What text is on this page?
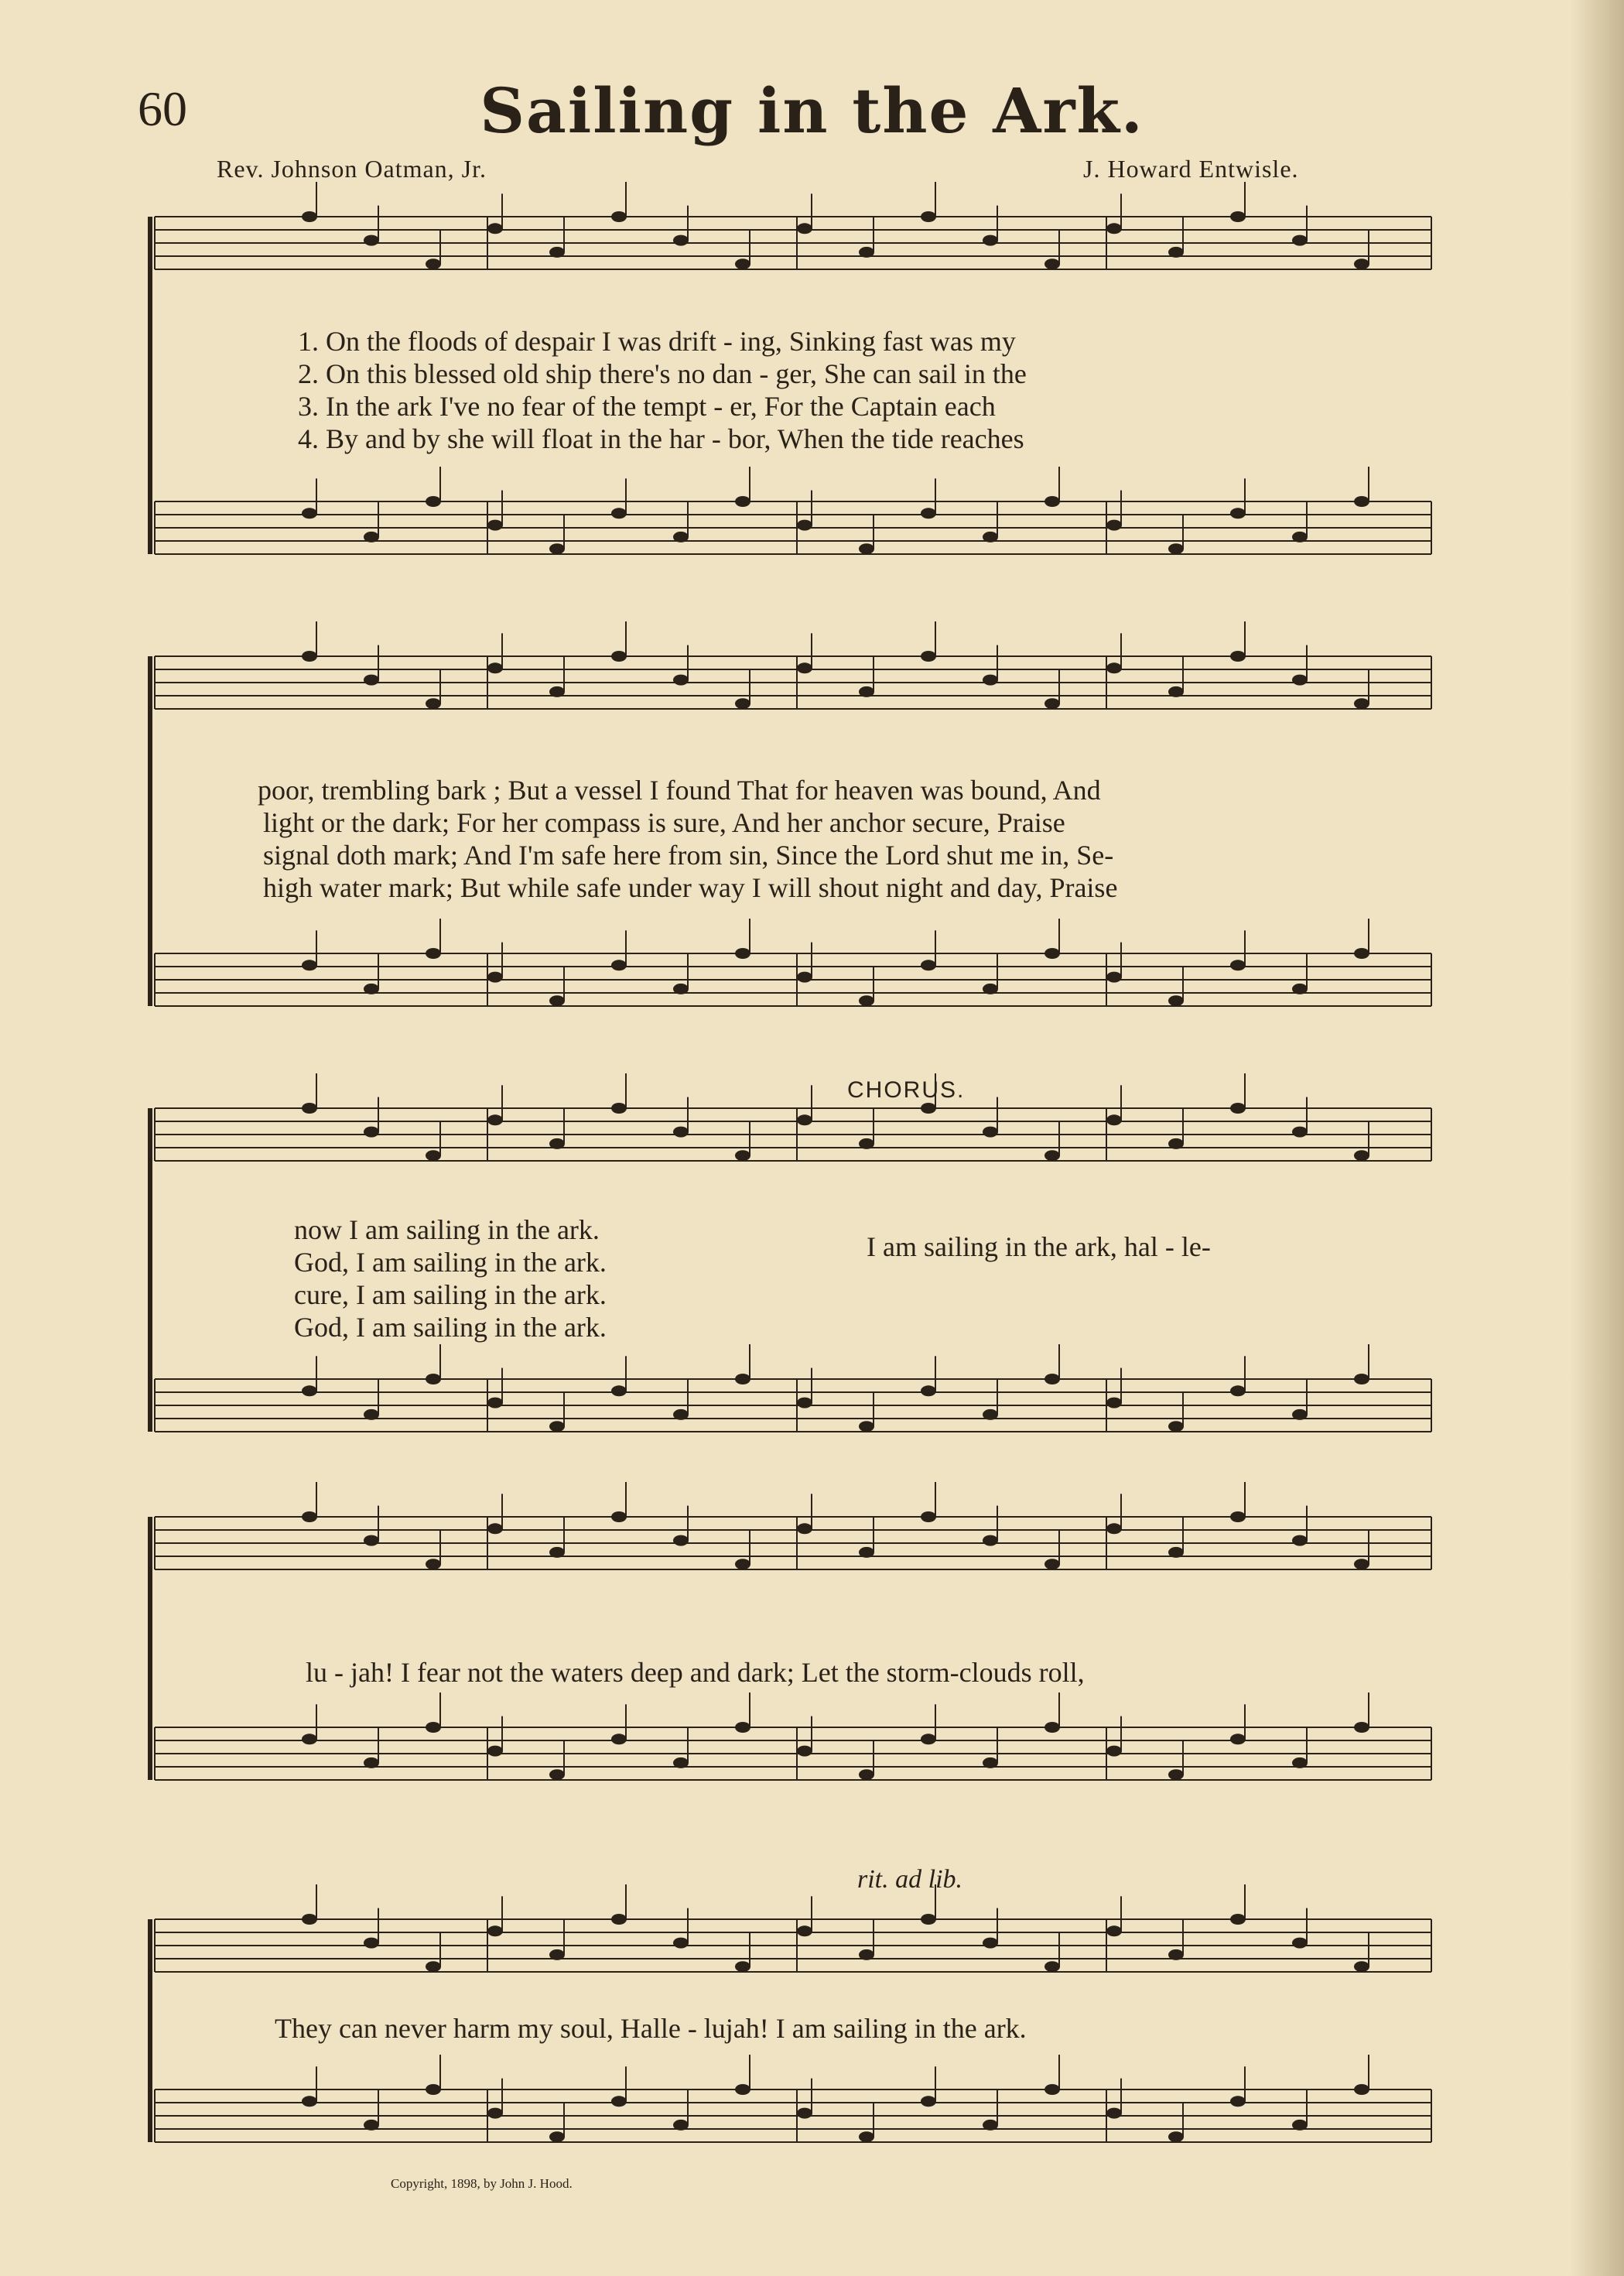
60	Sailing in the Ark.
Rev. Johnson Oatman, Jr.	J. Howard Entwisle.
1. On the floods of despair I was drift - ing, Sinking fast was my
2. On this blessed old ship there's no dan - ger, She can sail in the
3. In the ark I've no fear of the tempt - er, For the Captain each
4. By and by she will float in the har - bor, When the tide reaches
poor, trembling bark ; But a vessel I found That for heaven was bound, And
light or the dark; For her compass is sure, And her anchor secure, Praise
signal doth mark; And I'm safe here from sin, Since the Lord shut me in, Se-
high water mark; But while safe under way I will shout night and day, Praise
CHORUS.
now I am sailing in the ark.
God, I am sailing in the ark.
cure, I am sailing in the ark.
God, I am sailing in the ark.
I am sailing in the ark, hal - le-
lu - jah! I fear not the waters deep and dark; Let the storm-clouds roll,
rit. ad lib.
They can never harm my soul, Halle - lujah! I am sailing in the ark.
Copyright, 1898, by John J. Hood.
